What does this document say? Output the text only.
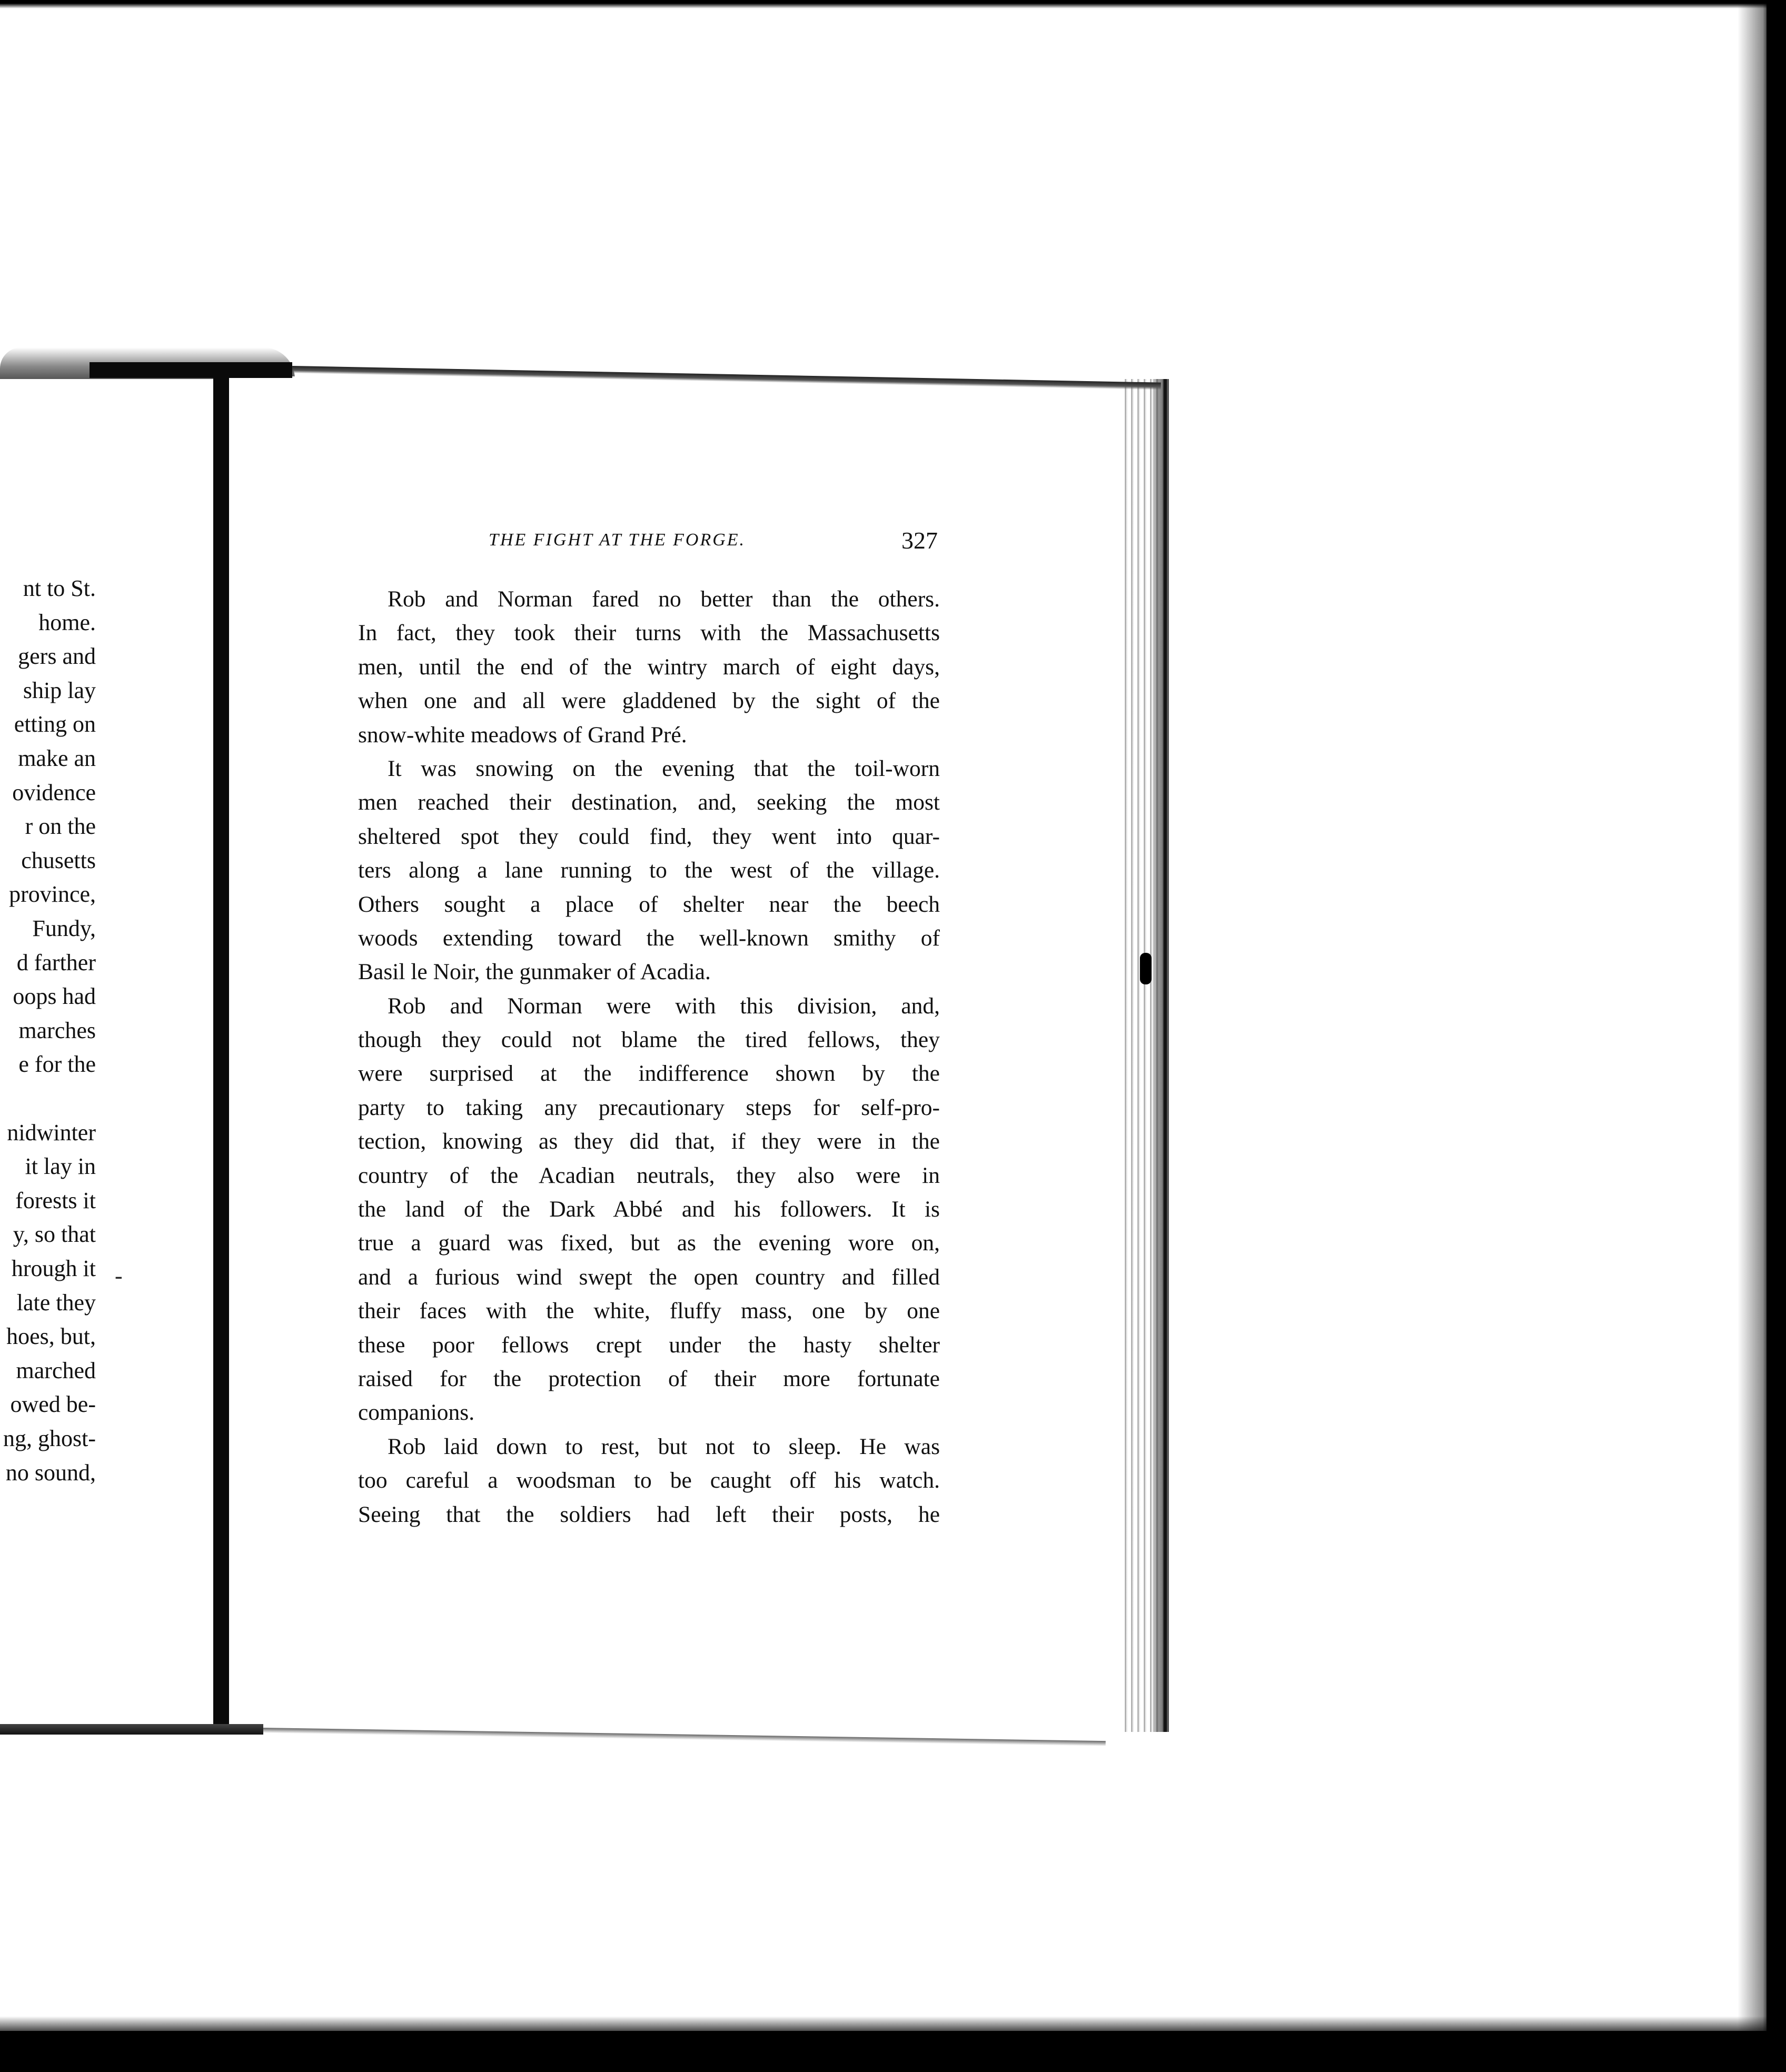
nt to St.
home.
gers and
ship lay
etting on
make an
ovidence
r on the
chusetts
province,
Fundy,
d farther
oops had
marches
e for the
nidwinter
it lay in
forests it
y, so that
hrough it
late they
hoes, but,
marched
owed be-
ng, ghost-
no sound,
-
THE FIGHT AT THE FORGE.	327
Rob and Norman fared no better than the others.
In fact, they took their turns with the Massachusetts
men, until the end of the wintry march of eight days,
when one and all were gladdened by the sight of the
snow-white meadows of Grand Pré.
It was snowing on the evening that the toil-worn
men reached their destination, and, seeking the most
sheltered spot they could find, they went into quar-
ters along a lane running to the west of the village.
Others sought a place of shelter near the beech
woods extending toward the well-known smithy of
Basil le Noir, the gunmaker of Acadia.
Rob and Norman were with this division, and,
though they could not blame the tired fellows, they
were surprised at the indifference shown by the
party to taking any precautionary steps for self-pro-
tection, knowing as they did that, if they were in the
country of the Acadian neutrals, they also were in
the land of the Dark Abbé and his followers. It is
true a guard was fixed, but as the evening wore on,
and a furious wind swept the open country and filled
their faces with the white, fluffy mass, one by one
these poor fellows crept under the hasty shelter
raised for the protection of their more fortunate
companions.
Rob laid down to rest, but not to sleep. He was
too careful a woodsman to be caught off his watch.
Seeing that the soldiers had left their posts, he
